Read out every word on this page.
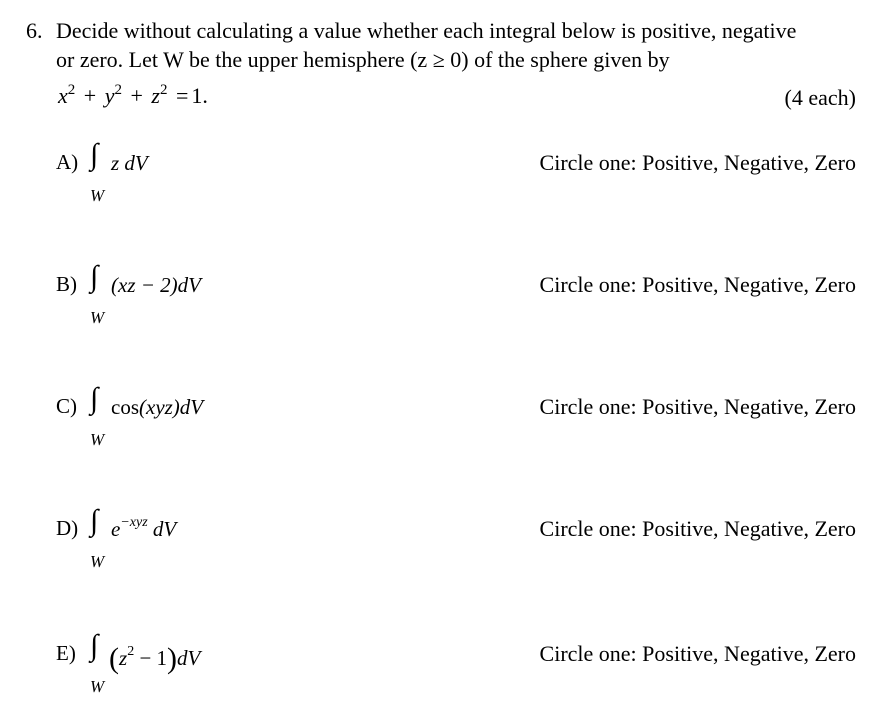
6. Decide without calculating a value whether each integral below is positive, negative
or zero. Let W be the upper hemisphere (z ≥ 0) of the sphere given by
$x^2 + y^2 + z^2 = 1$.	(4 each)
A) ∫ z dV
W
Circle one: Positive, Negative, Zero
B) ∫ (xz − 2)dV
W
Circle one: Positive, Negative, Zero
C) ∫ cos(xyz)dV
W
Circle one: Positive, Negative, Zero
D) ∫ $e^{-xyz}$ dV
W
Circle one: Positive, Negative, Zero
E) ∫ $(z^2 - 1)dV$
W
Circle one: Positive, Negative, Zero
